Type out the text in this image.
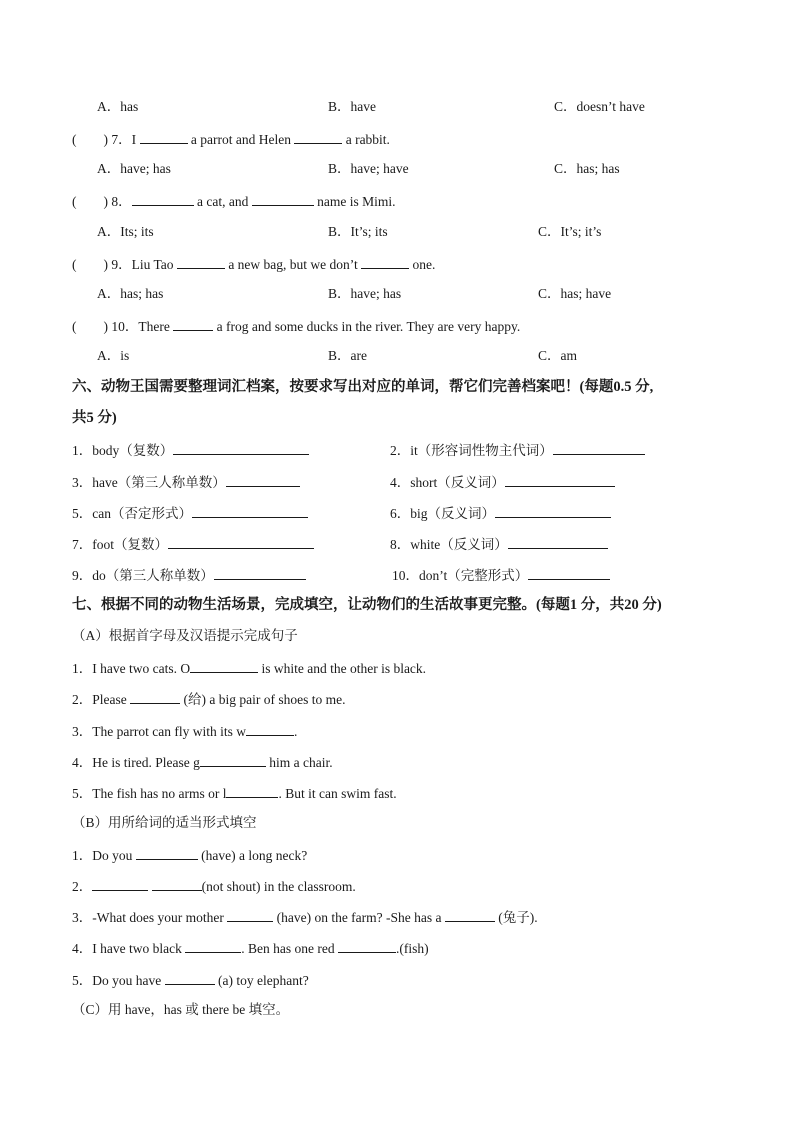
A．has	B．have	C．doesn’t have
(        ) 7．I	a parrot and Helen	a rabbit.
A．have; has	B．have; have	C．has; has
(        ) 8．	a cat, and	name is Mimi.
A．Its; its	B．It’s; its	C．It’s; it’s
(        ) 9．Liu Tao	a new bag, but we don’t	one.
A．has; has	B．have; has	C．has; have
(        ) 10．There	a frog and some ducks in the river. They are very happy.
A．is	B．are	C．am
六、动物王国需要整理词汇档案，按要求写出对应的单词，帮它们完善档案吧！(每题0.5 分,
共5 分)
1．body（复数）	2．it（形容词性物主代词）
3．have（第三人称单数）	4．short（反义词）
5．can（否定形式）	6．big（反义词）
7．foot（复数）	8．white（反义词）
9．do（第三人称单数）	10．don’t（完整形式）
七、根据不同的动物生活场景，完成填空，让动物们的生活故事更完整。(每题1 分，共20 分)
（A）根据首字母及汉语提示完成句子
1．I have two cats. O	is white and the other is black.
2．Please	(给) a big pair of shoes to me.
3．The parrot can fly with its w	.
4．He is tired. Please g	him a chair.
5．The fish has no arms or l	. But it can swim fast.
（B）用所给词的适当形式填空
1．Do you	(have) a long neck?
2．	(not shout) in the classroom.
3．-What does your mother	(have) on the farm? -She has a	(兔子).
4．I have two black	. Ben has one red	.(fish)
5．Do you have	(a) toy elephant?
（C）用 have，has 或 there be 填空。
